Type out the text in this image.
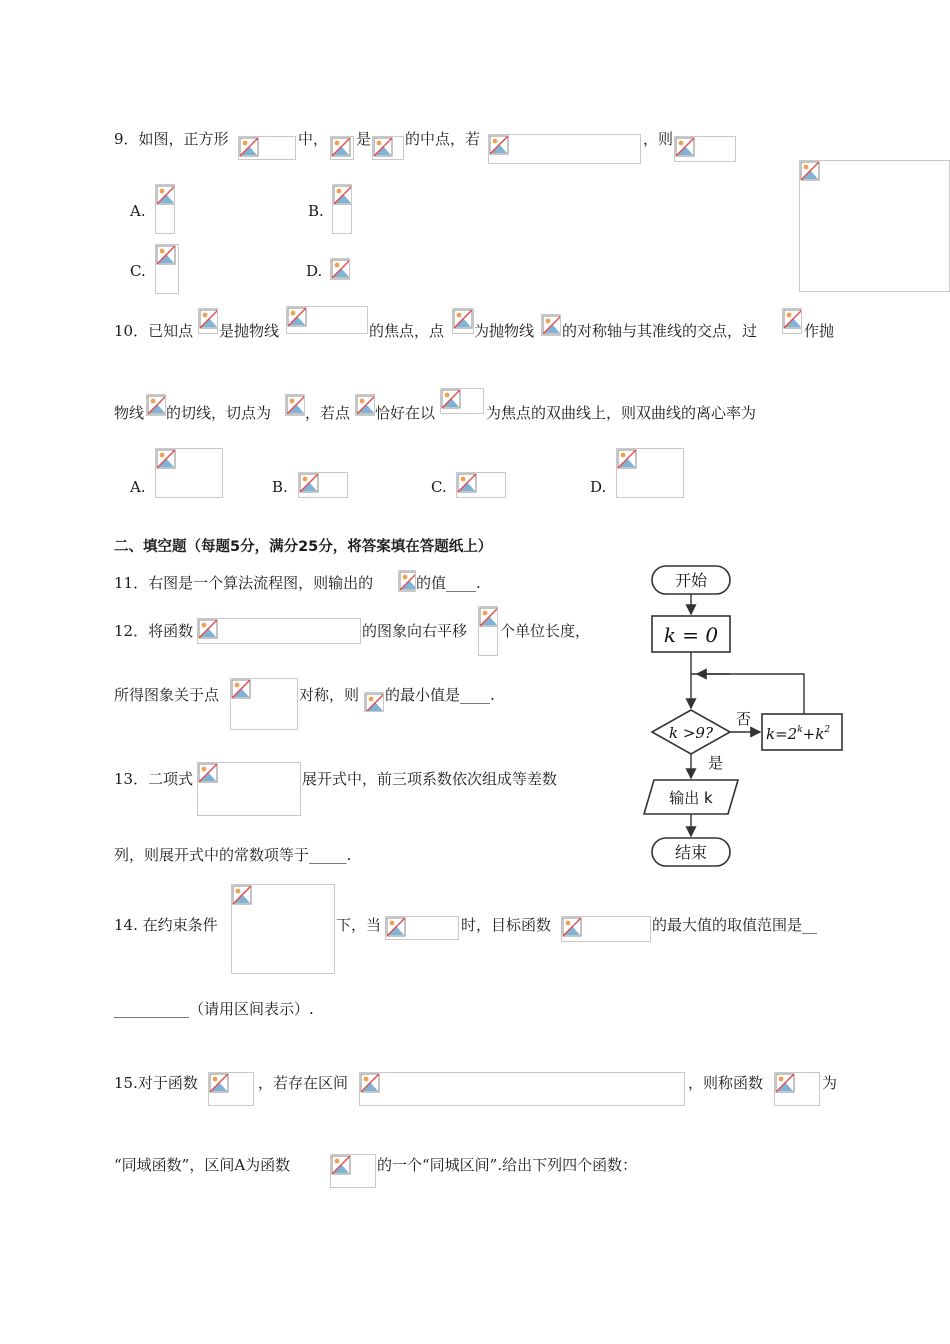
9．如图，正方形	中， 是 的中点，若	，则
A.	B.
C.	D.
10．已知点 是抛物线	的焦点，点 为抛物线 的对称轴与其准线的交点，过	作抛
物线 的切线，切点为 ，若点 恰好在以	为焦点的双曲线上，则双曲线的离心率为
A.	B.	C.	D.
二、填空题（每题5分，满分25分，将答案填在答题纸上）
11．右图是一个算法流程图，则输出的	的值____.
12．将函数	的图象向右平移 个单位长度，
所得图象关于点	对称，则 的最小值是____.
13．二项式	展开式中，前三项系数依次组成等差数
列，则展开式中的常数项等于_____.
14. 在约束条件	下，当	时，目标函数	的最大值的取值范围是__
__________（请用区间表示）.
15.对于函数	，若存在区间	，则称函数	为
“同域函数”，区间A为函数	的一个“同城区间”.给出下列四个函数：
开始
k = 0
k >9?
否
$k=2^k+k^2$
是
输出 k
结束
